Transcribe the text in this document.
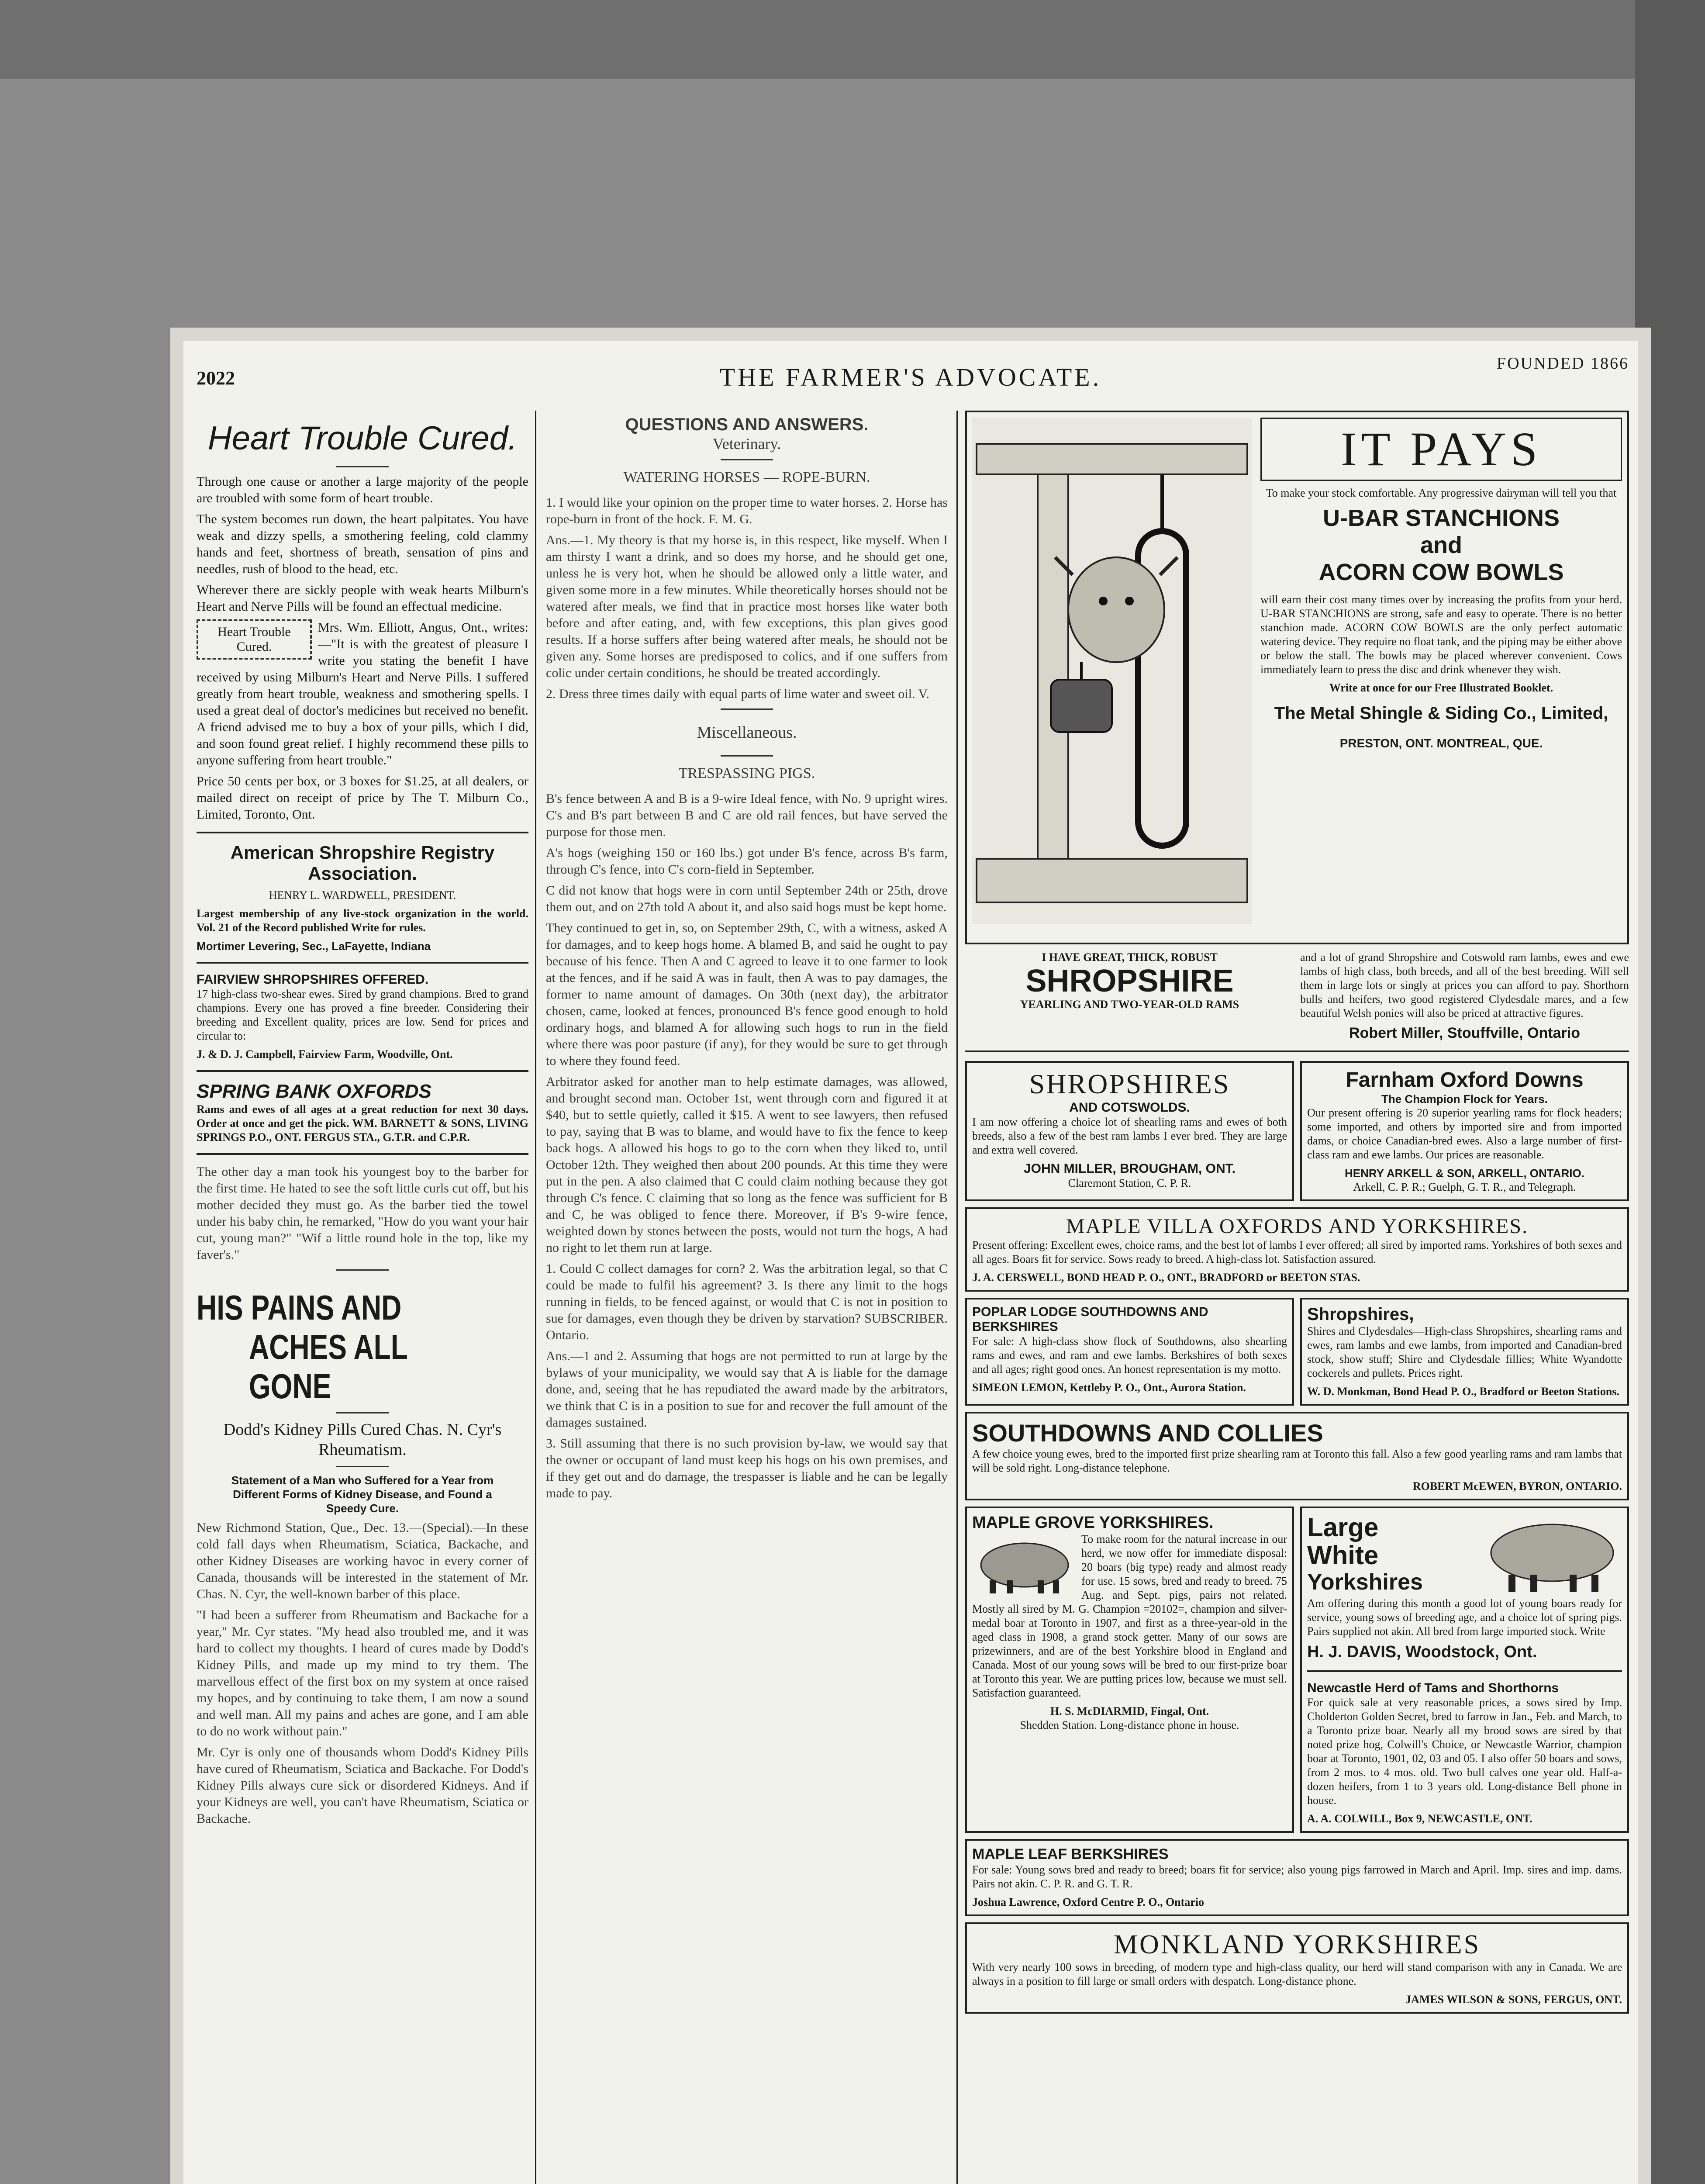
2022	THE FARMER'S ADVOCATE.	FOUNDED 1866
Heart Trouble Cured.

Through one cause or another a large majority of the people are troubled with some form of heart trouble.

The system becomes run down, the heart palpitates. You have weak and dizzy spells, a smothering feeling, cold clammy hands and feet, shortness of breath, sensation of pins and needles, rush of blood to the head, etc.

Wherever there are sickly people with weak hearts Milburn's Heart and Nerve Pills will be found an effectual medicine.

Heart Trouble Cured.

Mrs. Wm. Elliott, Angus, Ont., writes:—"It is with the greatest of pleasure I write you stating the benefit I have received by using Milburn's Heart and Nerve Pills. I suffered greatly from heart trouble, weakness and smothering spells. I used a great deal of doctor's medicines but received no benefit. A friend advised me to buy a box of your pills, which I did, and soon found great relief. I highly recommend these pills to anyone suffering from heart trouble."

Price 50 cents per box, or 3 boxes for $1.25, at all dealers, or mailed direct on receipt of price by The T. Milburn Co., Limited, Toronto, Ont.

American Shropshire Registry Association.
HENRY L. WARDWELL, PRESIDENT.

Largest membership of any live-stock organization in the world. Vol. 21 of the Record published Write for rules.

Mortimer Levering, Sec., LaFayette, Indiana

FAIRVIEW SHROPSHIRES OFFERED.

17 high-class two-shear ewes. Sired by grand champions. Bred to grand champions. Every one has proved a fine breeder. Considering their breeding and Excellent quality, prices are low. Send for prices and circular to:

J. & D. J. Campbell, Fairview Farm, Woodville, Ont.

SPRING BANK OXFORDS

Rams and ewes of all ages at a great reduction for next 30 days. Order at once and get the pick. WM. BARNETT & SONS, LIVING SPRINGS P.O., ONT. FERGUS STA., G.T.R. and C.P.R.

The other day a man took his youngest boy to the barber for the first time. He hated to see the soft little curls cut off, but his mother decided they must go. As the barber tied the towel under his baby chin, he remarked, "How do you want your hair cut, young man?" "Wif a little round hole in the top, like my faver's."

HIS PAINS AND
ACHES ALL GONE
Dodd's Kidney Pills Cured Chas. N. Cyr's Rheumatism.

Statement of a Man who Suffered for a Year from Different Forms of Kidney Disease, and Found a Speedy Cure.

New Richmond Station, Que., Dec. 13.—(Special).—In these cold fall days when Rheumatism, Sciatica, Backache, and other Kidney Diseases are working havoc in every corner of Canada, thousands will be interested in the statement of Mr. Chas. N. Cyr, the well-known barber of this place.

"I had been a sufferer from Rheumatism and Backache for a year," Mr. Cyr states. "My head also troubled me, and it was hard to collect my thoughts. I heard of cures made by Dodd's Kidney Pills, and made up my mind to try them. The marvellous effect of the first box on my system at once raised my hopes, and by continuing to take them, I am now a sound and well man. All my pains and aches are gone, and I am able to do no work without pain."

Mr. Cyr is only one of thousands whom Dodd's Kidney Pills have cured of Rheumatism, Sciatica and Backache. For Dodd's Kidney Pills always cure sick or disordered Kidneys. And if your Kidneys are well, you can't have Rheumatism, Sciatica or Backache.

QUESTIONS AND ANSWERS.
Veterinary.
WATERING HORSES — ROPE-BURN.

1. I would like your opinion on the proper time to water horses. 2. Horse has rope-burn in front of the hock. F. M. G.

Ans.—1. My theory is that my horse is, in this respect, like myself. When I am thirsty I want a drink, and so does my horse, and he should get one, unless he is very hot, when he should be allowed only a little water, and given some more in a few minutes. While theoretically horses should not be watered after meals, we find that in practice most horses like water both before and after eating, and, with few exceptions, this plan gives good results. If a horse suffers after being watered after meals, he should not be given any. Some horses are predisposed to colics, and if one suffers from colic under certain conditions, he should be treated accordingly.

2. Dress three times daily with equal parts of lime water and sweet oil. V.

Miscellaneous.
TRESPASSING PIGS.

B's fence between A and B is a 9-wire Ideal fence, with No. 9 upright wires. C's and B's part between B and C are old rail fences, but have served the purpose for those men.

A's hogs (weighing 150 or 160 lbs.) got under B's fence, across B's farm, through C's fence, into C's corn-field in September.

C did not know that hogs were in corn until September 24th or 25th, drove them out, and on 27th told A about it, and also said hogs must be kept home.

They continued to get in, so, on September 29th, C, with a witness, asked A for damages, and to keep hogs home. A blamed B, and said he ought to pay because of his fence. Then A and C agreed to leave it to one farmer to look at the fences, and if he said A was in fault, then A was to pay damages, the former to name amount of damages. On 30th (next day), the arbitrator chosen, came, looked at fences, pronounced B's fence good enough to hold ordinary hogs, and blamed A for allowing such hogs to run in the field where there was poor pasture (if any), for they would be sure to get through to where they found feed.

Arbitrator asked for another man to help estimate damages, was allowed, and brought second man. October 1st, went through corn and figured it at $40, but to settle quietly, called it $15. A went to see lawyers, then refused to pay, saying that B was to blame, and would have to fix the fence to keep back hogs. A allowed his hogs to go to the corn when they liked to, until October 12th. They weighed then about 200 pounds. At this time they were put in the pen. A also claimed that C could claim nothing because they got through C's fence. C claiming that so long as the fence was sufficient for B and C, he was obliged to fence there. Moreover, if B's 9-wire fence, weighted down by stones between the posts, would not turn the hogs, A had no right to let them run at large.

1. Could C collect damages for corn? 2. Was the arbitration legal, so that C could be made to fulfil his agreement? 3. Is there any limit to the hogs running in fields, to be fenced against, or would that C is not in position to sue for damages, even though they be driven by starvation? SUBSCRIBER. Ontario.

Ans.—1 and 2. Assuming that hogs are not permitted to run at large by the bylaws of your municipality, we would say that A is liable for the damage done, and, seeing that he has repudiated the award made by the arbitrators, we think that C is in a position to sue for and recover the full amount of the damages sustained.

3. Still assuming that there is no such provision by-law, we would say that the owner or occupant of land must keep his hogs on his own premises, and if they get out and do damage, the trespasser is liable and he can be legally made to pay.

IT PAYS

To make your stock comfortable. Any progressive dairyman will tell you that

U-BAR STANCHIONS
and
ACORN COW BOWLS

will earn their cost many times over by increasing the profits from your herd. U-BAR STANCHIONS are strong, safe and easy to operate. There is no better stanchion made. ACORN COW BOWLS are the only perfect automatic watering device. They require no float tank, and the piping may be either above or below the stall. The bowls may be placed wherever convenient. Cows immediately learn to press the disc and drink whenever they wish.

Write at once for our Free Illustrated Booklet.

The Metal Shingle & Siding Co., Limited,
PRESTON, ONT. MONTREAL, QUE.
I HAVE GREAT, THICK, ROBUST
SHROPSHIRE
YEARLING AND TWO-YEAR-OLD RAMS

and a lot of grand Shropshire and Cotswold ram lambs, ewes and ewe lambs of high class, both breeds, and all of the best breeding. Will sell them in large lots or singly at prices you can afford to pay. Shorthorn bulls and heifers, two good registered Clydesdale mares, and a few beautiful Welsh ponies will also be priced at attractive figures.

Robert Miller, Stouffville, Ontario
SHROPSHIRES
AND COTSWOLDS.

I am now offering a choice lot of shearling rams and ewes of both breeds, also a few of the best ram lambs I ever bred. They are large and extra well covered.

JOHN MILLER, BROUGHAM, ONT.
Claremont Station, C. P. R.
Farnham Oxford Downs
The Champion Flock for Years.

Our present offering is 20 superior yearling rams for flock headers; some imported, and others by imported sire and from imported dams, or choice Canadian-bred ewes. Also a large number of first-class ram and ewe lambs. Our prices are reasonable.

HENRY ARKELL & SON, ARKELL, ONTARIO.
Arkell, C. P. R.; Guelph, G. T. R., and Telegraph.
MAPLE VILLA OXFORDS AND YORKSHIRES.

Present offering: Excellent ewes, choice rams, and the best lot of lambs I ever offered; all sired by imported rams. Yorkshires of both sexes and all ages. Boars fit for service. Sows ready to breed. A high-class lot. Satisfaction assured.

J. A. CERSWELL, BOND HEAD P. O., ONT., BRADFORD or BEETON STAS.
POPLAR LODGE SOUTHDOWNS AND BERKSHIRES

For sale: A high-class show flock of Southdowns, also shearling rams and ewes, and ram and ewe lambs. Berkshires of both sexes and all ages; right good ones. An honest representation is my motto.

SIMEON LEMON, Kettleby P. O., Ont., Aurora Station.
Shropshires,

Shires and Clydesdales—High-class Shropshires, shearling rams and ewes, ram lambs and ewe lambs, from imported and Canadian-bred stock, show stuff; Shire and Clydesdale fillies; White Wyandotte cockerels and pullets. Prices right.

W. D. Monkman, Bond Head P. O., Bradford or Beeton Stations.
SOUTHDOWNS AND COLLIES

A few choice young ewes, bred to the imported first prize shearling ram at Toronto this fall. Also a few good yearling rams and ram lambs that will be sold right. Long-distance telephone.

ROBERT McEWEN, BYRON, ONTARIO.
MAPLE GROVE YORKSHIRES.

To make room for the natural increase in our herd, we now offer for immediate disposal: 20 boars (big type) ready and almost ready for use. 15 sows, bred and ready to breed. 75 Aug. and Sept. pigs, pairs not related. Mostly all sired by M. G. Champion =20102=, champion and silver-medal boar at Toronto in 1907, and first as a three-year-old in the aged class in 1908, a grand stock getter. Many of our sows are prizewinners, and are of the best Yorkshire blood in England and Canada. Most of our young sows will be bred to our first-prize boar at Toronto this year. We are putting prices low, because we must sell. Satisfaction guaranteed.

H. S. McDIARMID, Fingal, Ont.
Shedden Station. Long-distance phone in house.
Large
White
Yorkshires

Am offering during this month a good lot of young boars ready for service, young sows of breeding age, and a choice lot of spring pigs. Pairs supplied not akin. All bred from large imported stock. Write

H. J. DAVIS, Woodstock, Ont.
Newcastle Herd of Tams and Shorthorns

For quick sale at very reasonable prices, a sows sired by Imp. Cholderton Golden Secret, bred to farrow in Jan., Feb. and March, to a Toronto prize boar. Nearly all my brood sows are sired by that noted prize hog, Colwill's Choice, or Newcastle Warrior, champion boar at Toronto, 1901, 02, 03 and 05. I also offer 50 boars and sows, from 2 mos. to 4 mos. old. Two bull calves one year old. Half-a-dozen heifers, from 1 to 3 years old. Long-distance Bell phone in house.

A. A. COLWILL, Box 9, NEWCASTLE, ONT.
MAPLE LEAF BERKSHIRES

For sale: Young sows bred and ready to breed; boars fit for service; also young pigs farrowed in March and April. Imp. sires and imp. dams. Pairs not akin. C. P. R. and G. T. R.

Joshua Lawrence, Oxford Centre P. O., Ontario
MONKLAND YORKSHIRES

With very nearly 100 sows in breeding, of modern type and high-class quality, our herd will stand comparison with any in Canada. We are always in a position to fill large or small orders with despatch. Long-distance phone.

JAMES WILSON & SONS, FERGUS, ONT.
